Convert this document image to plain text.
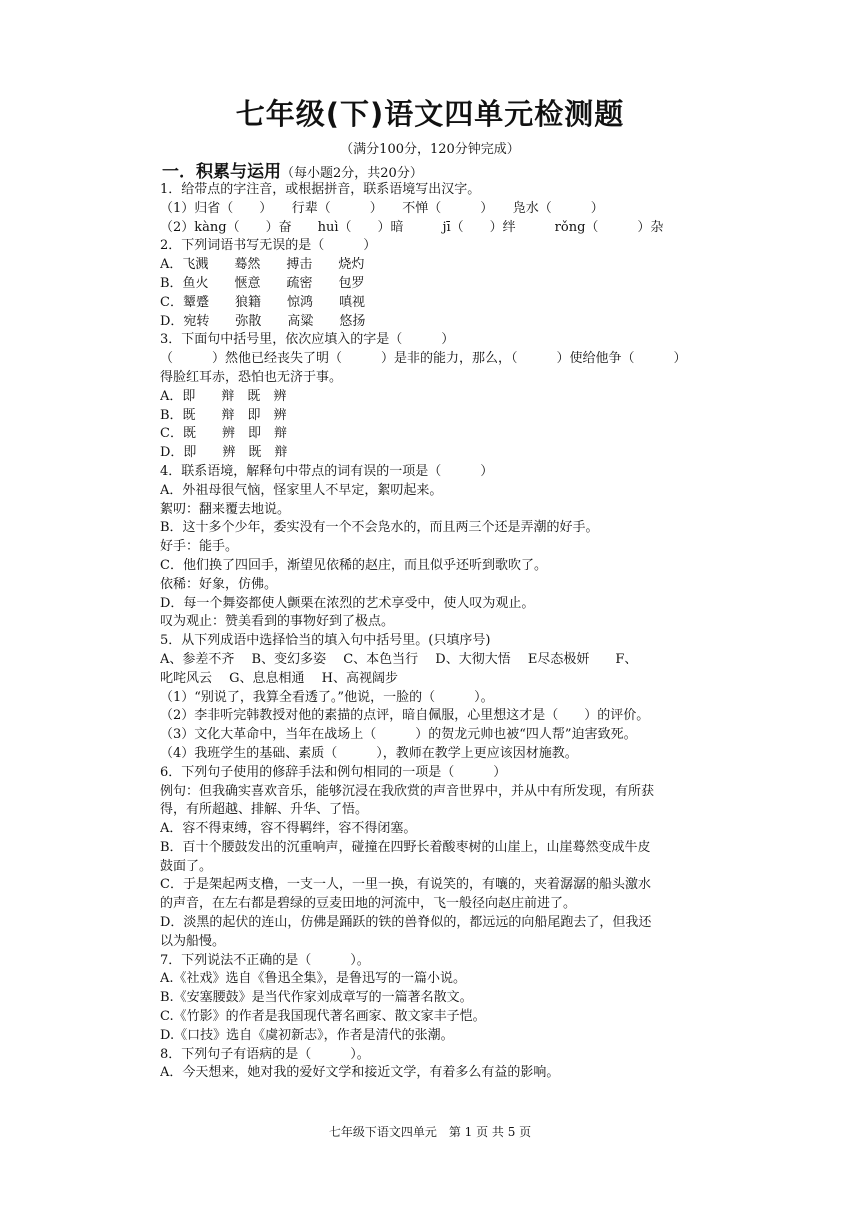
七年级(下)语文四单元检测题
（满分100分，120分钟完成）
一．积累与运用（每小题2分，共20分）
1．给带点的字注音，或根据拼音，联系语境写出汉字。
（1）归省（　　）　　行辈（　　　）　　不惮（　　　）　　凫水（　　　）
（2）kàng（　　）奋　　huì（　　）暗　　　jī（　　）绊　　　rǒng（　　　）杂
2．下列词语书写无误的是（　　　）
A．飞溅　　蓦然　　搏击　　烧灼
B．鱼火　　惬意　　疏密　　包罗
C．颦蹙　　狼籍　　惊鸿　　嗔视
D．宛转　　弥散　　高粱　　悠扬
3．下面句中括号里，依次应填入的字是（　　　）
（　　　）然他已经丧失了明（　　　）是非的能力，那么，（　　　）使给他争（　　　）
得脸红耳赤，恐怕也无济于事。
A．即　　辩　既　辨
B．既　　辩　即　辨
C．既　　辨　即　辩
D．即　　辨　既　辩
4．联系语境，解释句中带点的词有误的一项是（　　　）
A．外祖母很气恼，怪家里人不早定，絮叨起来。
絮叨：翻来覆去地说。
B．这十多个少年，委实没有一个不会凫水的，而且两三个还是弄潮的好手。
好手：能手。
C．他们换了四回手，渐望见依稀的赵庄，而且似乎还听到歌吹了。
依稀：好象，仿佛。
D．每一个舞姿都使人颤栗在浓烈的艺术享受中，使人叹为观止。
叹为观止：赞美看到的事物好到了极点。
5．从下列成语中选择恰当的填入句中括号里。(只填序号)
A、参差不齐　 B、变幻多姿　 C、本色当行　 D、大彻大悟　 E尽态极妍　　F、
叱咤风云　 G、息息相通　 H、高视阔步
（1）“别说了，我算全看透了。”他说，一脸的（　　　）。
（2）李非听完韩教授对他的素描的点评，暗自佩服，心里想这才是（　　）的评价。
（3）文化大革命中，当年在战场上（　　　）的贺龙元帅也被“四人帮”迫害致死。
（4）我班学生的基础、素质（　　　），教师在教学上更应该因材施教。
6．下列句子使用的修辞手法和例句相同的一项是（　　　）
例句：但我确实喜欢音乐，能够沉浸在我欣赏的声音世界中，并从中有所发现，有所获
得，有所超越、排解、升华、了悟。
A．容不得束缚，容不得羁绊，容不得闭塞。
B．百十个腰鼓发出的沉重响声，碰撞在四野长着酸枣树的山崖上，山崖蓦然变成牛皮
鼓面了。
C．于是架起两支橹，一支一人，一里一换，有说笑的，有嚷的，夹着潺潺的船头激水
的声音，在左右都是碧绿的豆麦田地的河流中，飞一般径向赵庄前进了。
D．淡黑的起伏的连山，仿佛是踊跃的铁的兽脊似的，都远远的向船尾跑去了，但我还
以为船慢。
7．下列说法不正确的是（　　　）。
A.《社戏》选自《鲁迅全集》，是鲁迅写的一篇小说。
B.《安塞腰鼓》是当代作家刘成章写的一篇著名散文。
C.《竹影》的作者是我国现代著名画家、散文家丰子恺。
D.《口技》选自《虞初新志》，作者是清代的张潮。
8．下列句子有语病的是（　　　）。
A．今天想来，她对我的爱好文学和接近文学，有着多么有益的影响。
七年级下语文四单元　第 1 页 共 5 页
